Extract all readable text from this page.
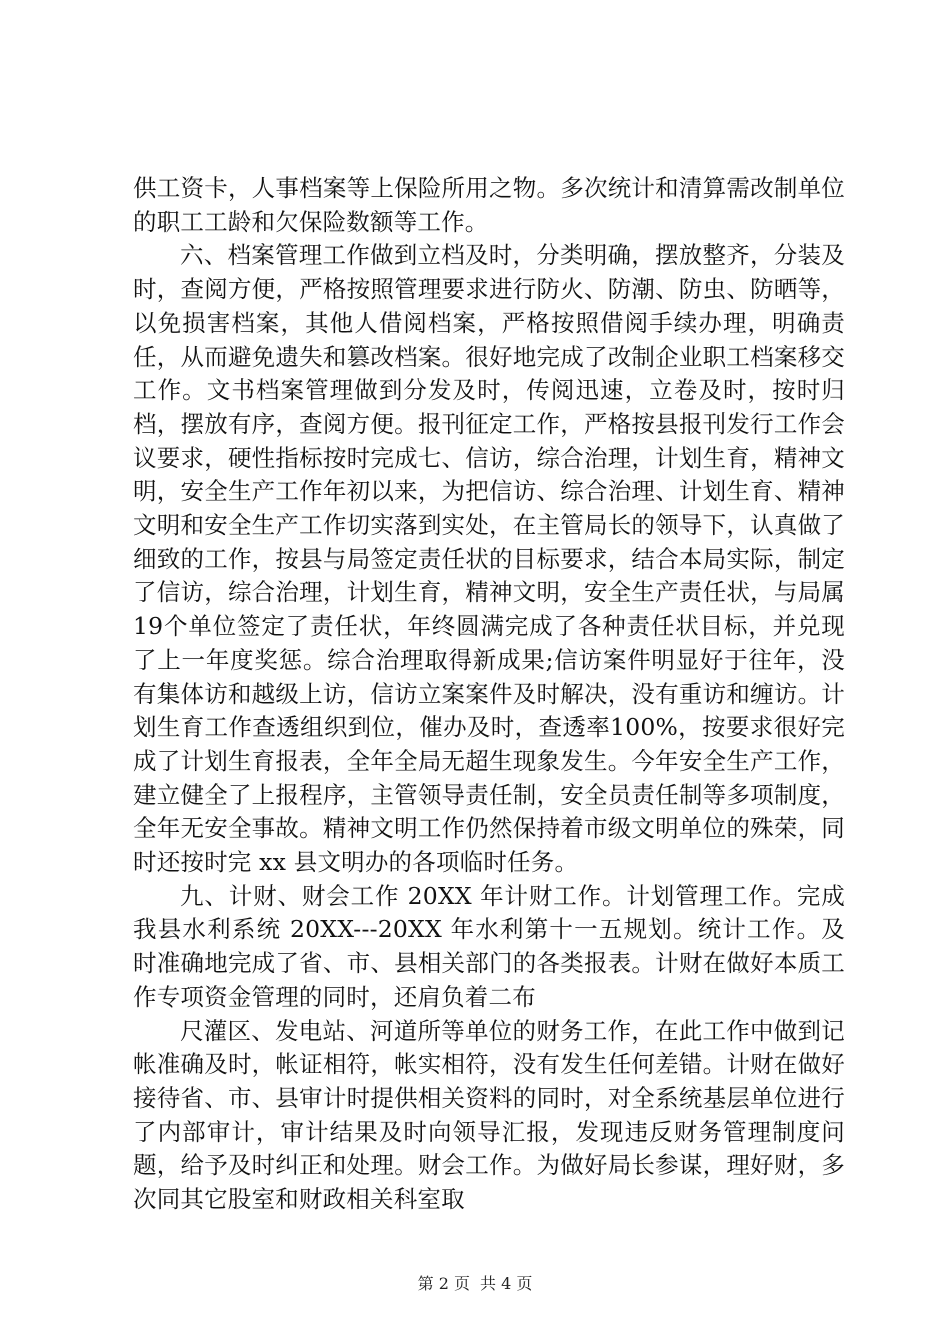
供工资卡，人事档案等上保险所用之物。多次统计和清算需改制单位的职工工龄和欠保险数额等工作。

六、档案管理工作做到立档及时，分类明确，摆放整齐，分装及时，查阅方便，严格按照管理要求进行防火、防潮、防虫、防晒等，以免损害档案，其他人借阅档案，严格按照借阅手续办理，明确责任，从而避免遗失和篡改档案。很好地完成了改制企业职工档案移交工作。文书档案管理做到分发及时，传阅迅速，立卷及时，按时归档，摆放有序，查阅方便。报刊征定工作，严格按县报刊发行工作会议要求，硬性指标按时完成七、信访，综合治理，计划生育，精神文明，安全生产工作年初以来，为把信访、综合治理、计划生育、精神文明和安全生产工作切实落到实处，在主管局长的领导下，认真做了细致的工作，按县与局签定责任状的目标要求，结合本局实际，制定了信访，综合治理，计划生育，精神文明，安全生产责任状，与局属19个单位签定了责任状，年终圆满完成了各种责任状目标，并兑现了上一年度奖惩。综合治理取得新成果;信访案件明显好于往年，没有集体访和越级上访，信访立案案件及时解决，没有重访和缠访。计划生育工作查透组织到位，催办及时，查透率100%，按要求很好完成了计划生育报表，全年全局无超生现象发生。今年安全生产工作，建立健全了上报程序，主管领导责任制，安全员责任制等多项制度，全年无安全事故。精神文明工作仍然保持着市级文明单位的殊荣，同时还按时完 xx 县文明办的各项临时任务。

九、计财、财会工作 20XX 年计财工作。计划管理工作。完成我县水利系统 20XX---20XX 年水利第十一五规划。统计工作。及时准确地完成了省、市、县相关部门的各类报表。计财在做好本质工作专项资金管理的同时，还肩负着二布

尺灌区、发电站、河道所等单位的财务工作，在此工作中做到记帐准确及时，帐证相符，帐实相符，没有发生任何差错。计财在做好接待省、市、县审计时提供相关资料的同时，对全系统基层单位进行了内部审计，审计结果及时向领导汇报，发现违反财务管理制度问题，给予及时纠正和处理。财会工作。为做好局长参谋，理好财，多次同其它股室和财政相关科室取

第 2 页 共 4 页
